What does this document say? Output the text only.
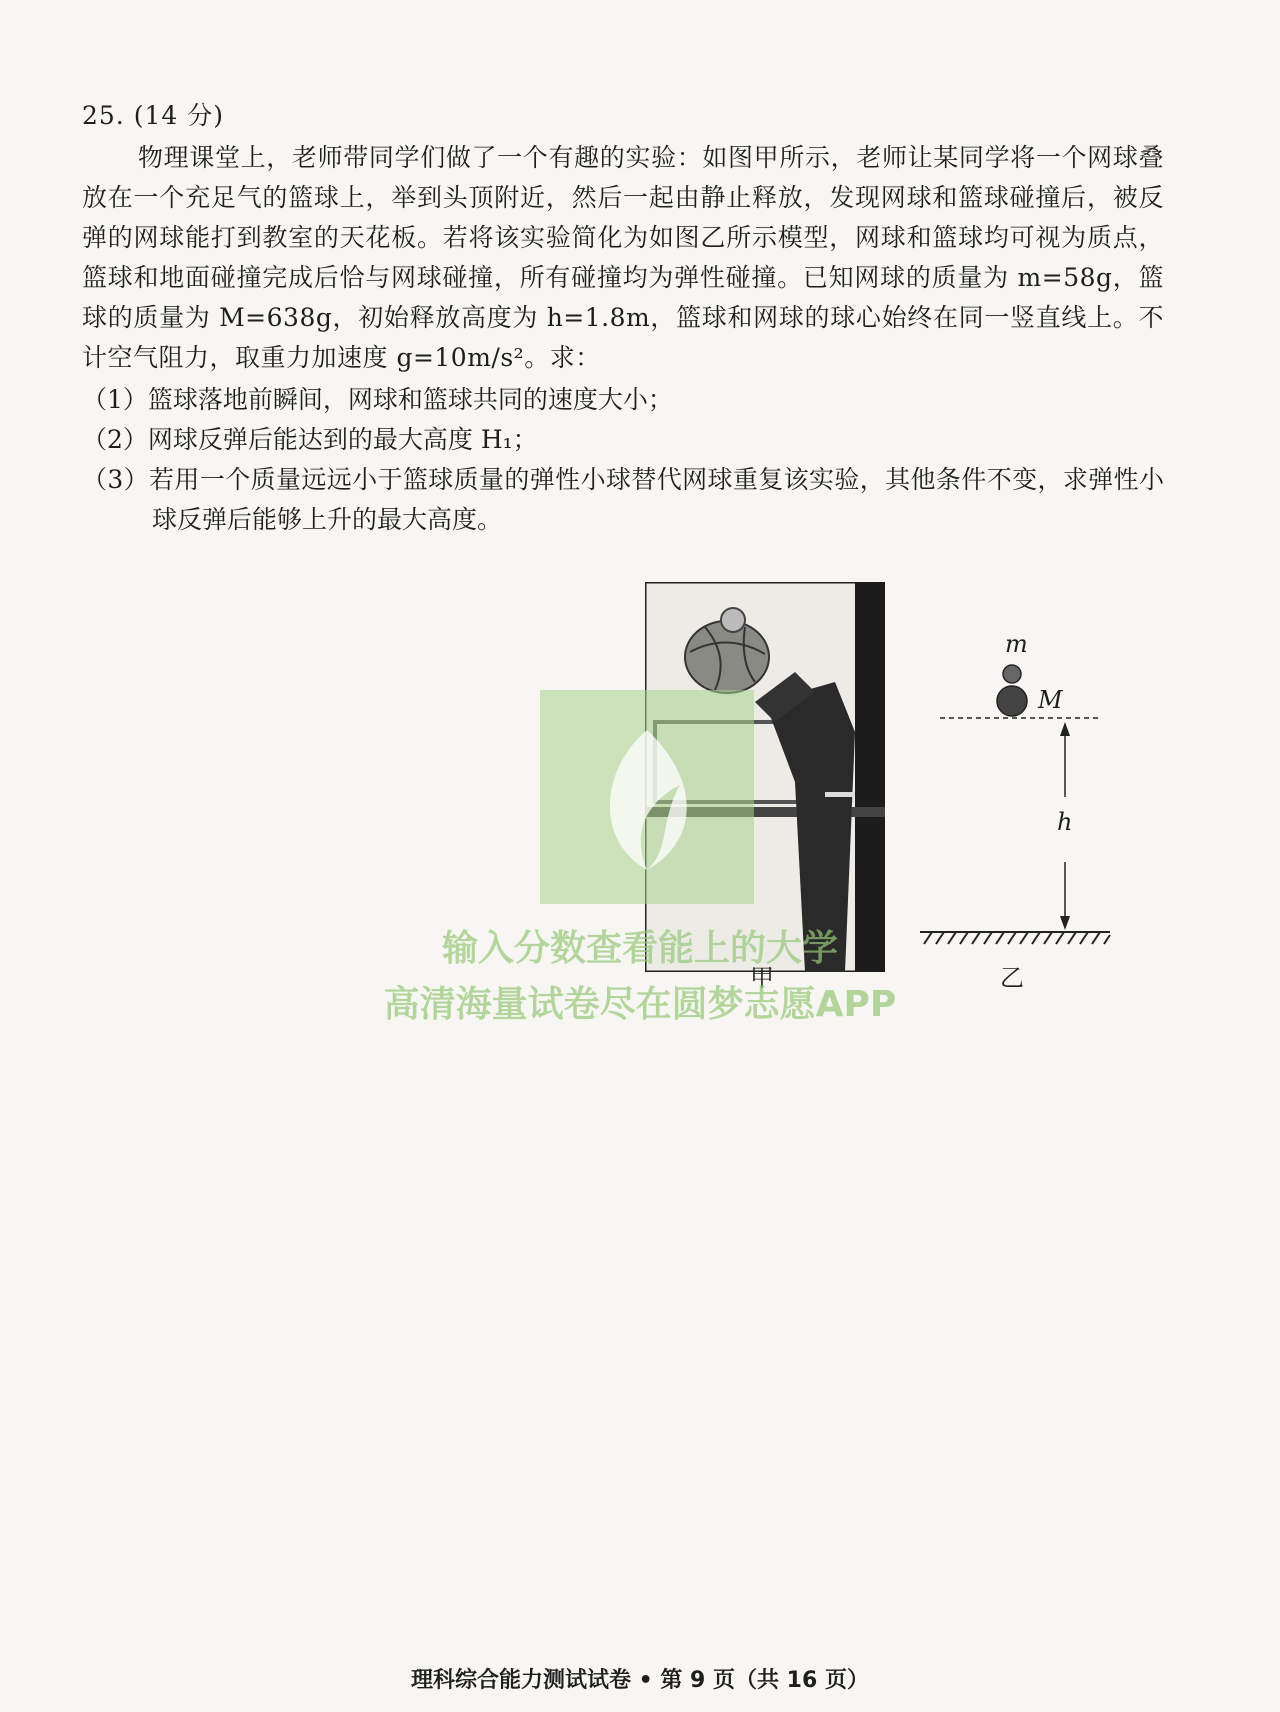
25. (14 分)
物理课堂上，老师带同学们做了一个有趣的实验：如图甲所示，老师让某同学将一个网球叠放在一个充足气的篮球上，举到头顶附近，然后一起由静止释放，发现网球和篮球碰撞后，被反弹的网球能打到教室的天花板。若将该实验简化为如图乙所示模型，网球和篮球均可视为质点，篮球和地面碰撞完成后恰与网球碰撞，所有碰撞均为弹性碰撞。已知网球的质量为 m=58g，篮球的质量为 M=638g，初始释放高度为 h=1.8m，篮球和网球的球心始终在同一竖直线上。不计空气阻力，取重力加速度 g=10m/s²。求：
（1）篮球落地前瞬间，网球和篮球共同的速度大小；
（2）网球反弹后能达到的最大高度 H₁；
（3）若用一个质量远远小于篮球质量的弹性小球替代网球重复该实验，其他条件不变，求弹性小球反弹后能够上升的最大高度。
甲
m
M
h
乙
输入分数查看能上的大学
高清海量试卷尽在圆梦志愿APP
理科综合能力测试试卷 • 第 9 页（共 16 页）
